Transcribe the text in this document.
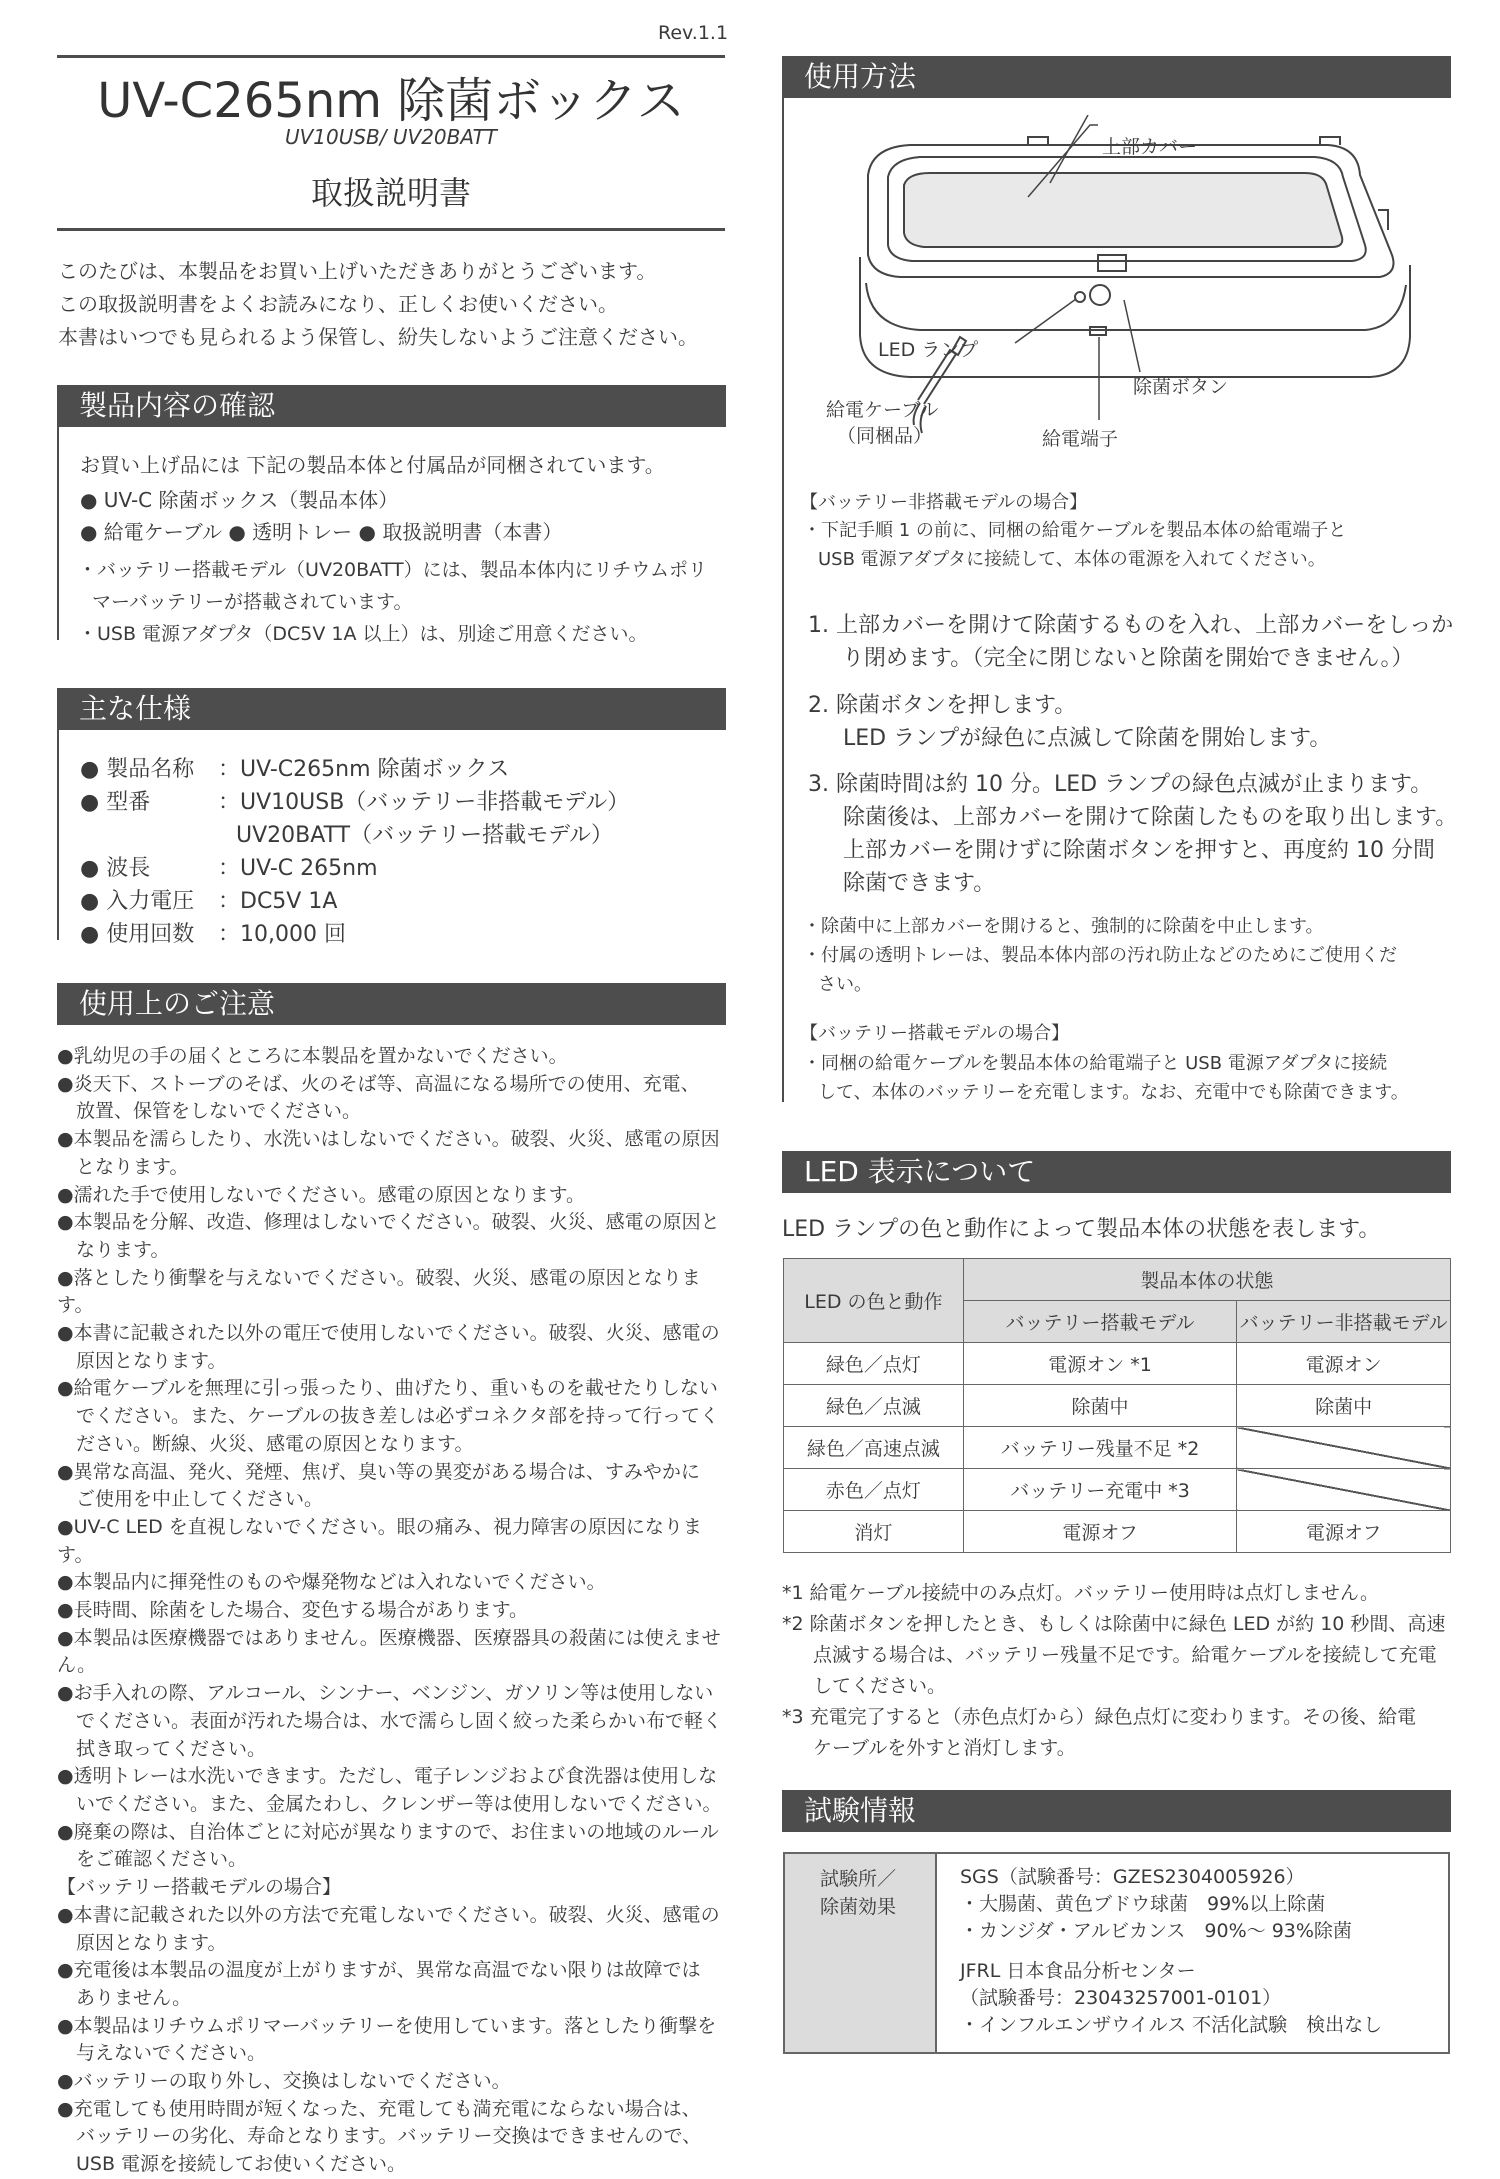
Rev.1.1
UV-C265nm 除菌ボックス
UV10USB/ UV20BATT
取扱説明書
このたびは、本製品をお買い上げいただきありがとうございます。
この取扱説明書をよくお読みになり、正しくお使いください。
本書はいつでも見られるよう保管し、紛失しないようご注意ください。
製品内容の確認
お買い上げ品には 下記の製品本体と付属品が同梱されています。
● UV-C 除菌ボックス（製品本体）
● 給電ケーブル ● 透明トレー ● 取扱説明書（本書）
・バッテリー搭載モデル（UV20BATT）には、製品本体内にリチウムポリ
マーバッテリーが搭載されています。
・USB 電源アダプタ（DC5V 1A 以上）は、別途ご用意ください。
主な仕様
● 製品名称 ：UV-C265nm 除菌ボックス
● 型番	：UV10USB（バッテリー非搭載モデル）
UV20BATT（バッテリー搭載モデル）
● 波長	：UV-C 265nm
● 入力電圧 ：DC5V 1A
● 使用回数 ：10,000 回
使用上のご注意
●乳幼児の手の届くところに本製品を置かないでください。
●炎天下、ストーブのそば、火のそば等、高温になる場所での使用、充電、
　放置、保管をしないでください。
●本製品を濡らしたり、水洗いはしないでください。破裂、火災、感電の原因
　となります。
●濡れた手で使用しないでください。感電の原因となります。
●本製品を分解、改造、修理はしないでください。破裂、火災、感電の原因と
　なります。
●落としたり衝撃を与えないでください。破裂、火災、感電の原因となります。
●本書に記載された以外の電圧で使用しないでください。破裂、火災、感電の
　原因となります。
●給電ケーブルを無理に引っ張ったり、曲げたり、重いものを載せたりしない
　でください。また、ケーブルの抜き差しは必ずコネクタ部を持って行ってく
　ださい。断線、火災、感電の原因となります。
●異常な高温、発火、発煙、焦げ、臭い等の異変がある場合は、すみやかに
　ご使用を中止してください。
●UV-C LED を直視しないでください。眼の痛み、視力障害の原因になります。
●本製品内に揮発性のものや爆発物などは入れないでください。
●長時間、除菌をした場合、変色する場合があります。
●本製品は医療機器ではありません。医療機器、医療器具の殺菌には使えません。
●お手入れの際、アルコール、シンナー、ベンジン、ガソリン等は使用しない
　でください。表面が汚れた場合は、水で濡らし固く絞った柔らかい布で軽く
　拭き取ってください。
●透明トレーは水洗いできます。ただし、電子レンジおよび食洗器は使用しな
　いでください。また、金属たわし、クレンザー等は使用しないでください。
●廃棄の際は、自治体ごとに対応が異なりますので、お住まいの地域のルール
　をご確認ください。
【バッテリー搭載モデルの場合】
●本書に記載された以外の方法で充電しないでください。破裂、火災、感電の
　原因となります。
●充電後は本製品の温度が上がりますが、異常な高温でない限りは故障では
　ありません。
●本製品はリチウムポリマーバッテリーを使用しています。落としたり衝撃を
　与えないでください。
●バッテリーの取り外し、交換はしないでください。
●充電しても使用時間が短くなった、充電しても満充電にならない場合は、
　バッテリーの劣化、寿命となります。バッテリー交換はできませんので、
　USB 電源を接続してお使いください。
使用方法
上部カバー
LED ランプ
除菌ボタン
給電ケーブル
（同梱品）	給電端子
【バッテリー非搭載モデルの場合】
・下記手順 1 の前に、同梱の給電ケーブルを製品本体の給電端子と
USB 電源アダプタに接続して、本体の電源を入れてください。
1. 上部カバーを開けて除菌するものを入れ、上部カバーをしっか
り閉めます。（完全に閉じないと除菌を開始できません。）
2. 除菌ボタンを押します。
LED ランプが緑色に点滅して除菌を開始します。
3. 除菌時間は約 10 分。LED ランプの緑色点滅が止まります。
除菌後は、上部カバーを開けて除菌したものを取り出します。
上部カバーを開けずに除菌ボタンを押すと、再度約 10 分間
除菌できます。
・除菌中に上部カバーを開けると、強制的に除菌を中止します。
・付属の透明トレーは、製品本体内部の汚れ防止などのためにご使用くだ
さい。
【バッテリー搭載モデルの場合】
・同梱の給電ケーブルを製品本体の給電端子と USB 電源アダプタに接続
して、本体のバッテリーを充電します。なお、充電中でも除菌できます。
LED 表示について
LED ランプの色と動作によって製品本体の状態を表します。
LED の色と動作	製品本体の状態	
	バッテリー搭載モデル	バッテリー非搭載モデル
緑色／点灯	電源オン *1	電源オン
緑色／点滅	除菌中	除菌中
緑色／高速点滅	バッテリー残量不足 *2	
赤色／点灯	バッテリー充電中 *3	
消灯	電源オフ	電源オフ
*1 給電ケーブル接続中のみ点灯。バッテリー使用時は点灯しません。
*2 除菌ボタンを押したとき、もしくは除菌中に緑色 LED が約 10 秒間、高速
点滅する場合は、バッテリー残量不足です。給電ケーブルを接続して充電
してください。
*3 充電完了すると（赤色点灯から）緑色点灯に変わります。その後、給電
ケーブルを外すと消灯します。
試験情報
試験所／
除菌効果
SGS（試験番号：GZES2304005926）
・大腸菌、黄色ブドウ球菌　99%以上除菌
・カンジダ・アルビカンス　90%～ 93%除菌
JFRL 日本食品分析センター
（試験番号：23043257001-0101）
・インフルエンザウイルス 不活化試験　検出なし
